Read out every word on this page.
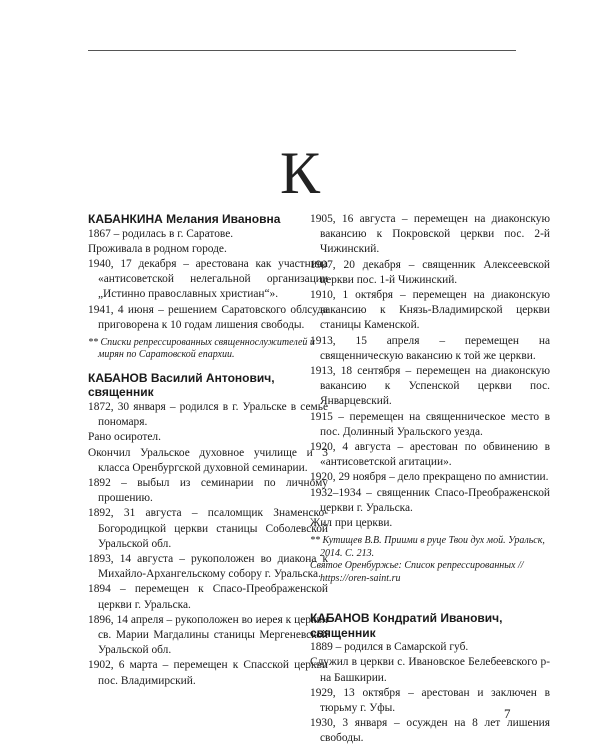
К
КАБАНКИНА Мелания Ивановна

1867 – родилась в г. Саратове.

Проживала в родном городе.

1940, 17 декабря – арестована как участница «антисоветской нелегальной организации „Истинно православных христиан“».

1941, 4 июня – решением Саратовского облсуда приговорена к 10 годам лишения свободы.

** Списки репрессированных священнослужителей и мирян по Саратовской епархии.

КАБАНОВ Василий Антонович, священник

1872, 30 января – родился в г. Уральске в семье пономаря.

Рано осиротел.

Окончил Уральское духовное училище и 3 класса Оренбургской духовной семинарии.

1892 – выбыл из семинарии по личному прошению.

1892, 31 августа – псаломщик Знаменско-Богородицкой церкви станицы Соболевской Уральской обл.

1893, 14 августа – рукоположен во диакона к Михайло-Архангельскому собору г. Уральска.

1894 – перемещен к Спасо-Преображенской церкви г. Уральска.

1896, 14 апреля – рукоположен во иерея к церкви св. Марии Магдалины станицы Мергеневской Уральской обл.

1902, 6 марта – перемещен к Спасской церкви пос. Владимирский.

1905, 16 августа – перемещен на диаконскую вакансию к Покровской церкви пос. 2-й Чижинский.

1907, 20 декабря – священник Алексеевской церкви пос. 1-й Чижинский.

1910, 1 октября – перемещен на диаконскую вакансию к Князь-Владимирской церкви станицы Каменской.

1913, 15 апреля – перемещен на священническую вакансию к той же церкви.

1913, 18 сентября – перемещен на диаконскую вакансию к Успенской церкви пос. Январцевский.

1915 – перемещен на священническое место в пос. Долинный Уральского уезда.

1920, 4 августа – арестован по обвинению в «антисоветской агитации».

1920, 29 ноября – дело прекращено по амнистии.

1932–1934 – священник Спасо-Преображенской церкви г. Уральска.

Жил при церкви.

** Кутищев В.В. Приими в руце Твои дух мой. Уральск, 2014. С. 213.

Святое Оренбуржье: Список репрессированных // https://oren-saint.ru

КАБАНОВ Кондратий Иванович, священник

1889 – родился в Самарской губ.

Служил в церкви с. Ивановское Белебеевского р-на Башкирии.

1929, 13 октября – арестован и заключен в тюрьму г. Уфы.

1930, 3 января – осужден на 8 лет лишения свободы.

7
